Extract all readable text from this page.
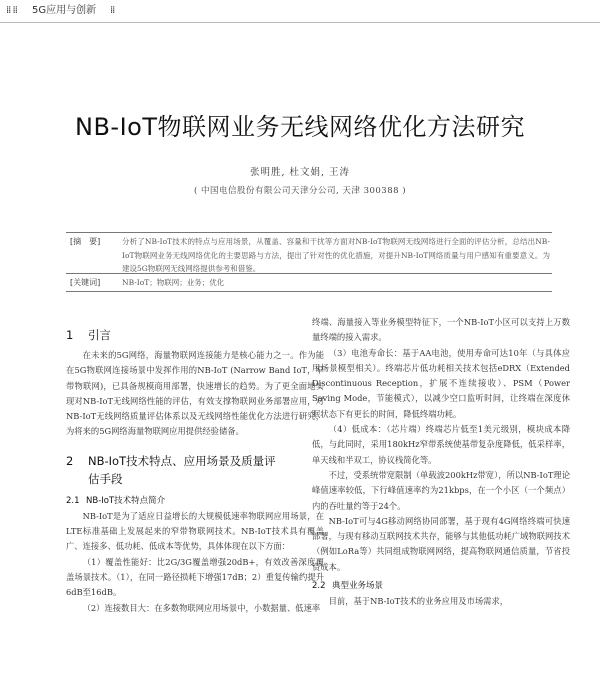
⁞⁞ ⁞⁞ 5G应用与创新 ⁞⁞
NB-IoT物联网业务无线网络优化方法研究
张明胜, 杜文娟, 王涛
( 中国电信股份有限公司天津分公司, 天津 300388 )
[摘　要]	分析了NB-IoT技术的特点与应用场景，从覆盖、容量和干扰等方面对NB-IoT物联网无线网络进行全面的评估分析，总结出NB-IoT物联网业务无线网络优化的主要思路与方法，提出了针对性的优化措施，对提升NB-IoT网络质量与用户感知有重要意义。为建设5G物联网无线网络提供参考和借鉴。
[关键词]	NB-IoT；物联网；业务；优化
1 引言

在未来的5G网络，海量物联网连接能力是核心能力之一。作为能在5G物联网连接场景中发挥作用的NB-IoT (Narrow Band IoT，窄带物联网)，已具备规模商用部署，快速增长的趋势。为了更全面地实现对NB-IoT无线网络性能的评估，有效支撑物联网业务部署应用，对NB-IoT无线网络质量评估体系以及无线网络性能优化方法进行研究，为将来的5G网络海量物联网应用提供经验储备。

2 NB-IoT技术特点、应用场景及质量评
估手段
2.1 NB-IoT技术特点简介

NB-IoT是为了适应日益增长的大规模低速率物联网应用场景，在LTE标准基础上发展起来的窄带物联网技术。NB-IoT技术具有覆盖广、连接多、低功耗、低成本等优势，具体体现在以下方面：

（1）覆盖性能好：比2G/3G覆盖增强20dB+，有效改善深度覆盖场景技术。（1），在同一路径损耗下增强17dB；2）重复传输约提升6dB至16dB。

（2）连接数目大：在多数物联网应用场景中，小数据量、低速率

终端、海量接入等业务模型特征下，一个NB-IoT小区可以支持上万数量终端的接入需求。

（3）电池寿命长：基于AA电池，使用寿命可达10年（与具体应用场景模型相关）。终端芯片低功耗相关技术包括eDRX（Extended Discontinuous Reception，扩展不连续接收）、PSM（Power Saving Mode，节能模式），以减少空口监听时间，让终端在深度休眠状态下有更长的时间，降低终端功耗。

（4）低成本：（芯片端）终端芯片低至1美元级别，模块成本降低，与此同时，采用180kHz窄带系统使基带复杂度降低，低采样率，单天线和半双工，协议栈简化等。

不过，受系统带宽限制（单载波200kHz带宽），所以NB-IoT理论峰值速率较低，下行峰值速率约为21kbps，在一个小区（一个频点）内的吞吐量约等于24个。

NB-IoT可与4G移动网络协同部署，基于现有4G网络终端可快速部署，与现有移动互联网技术共存，能够与其他低功耗广域物联网技术（例如LoRa等）共同组成物联网网络，提高物联网通信质量，节省投资成本。

2.2 典型业务场景

目前，基于NB-IoT技术的业务应用及市场需求，
